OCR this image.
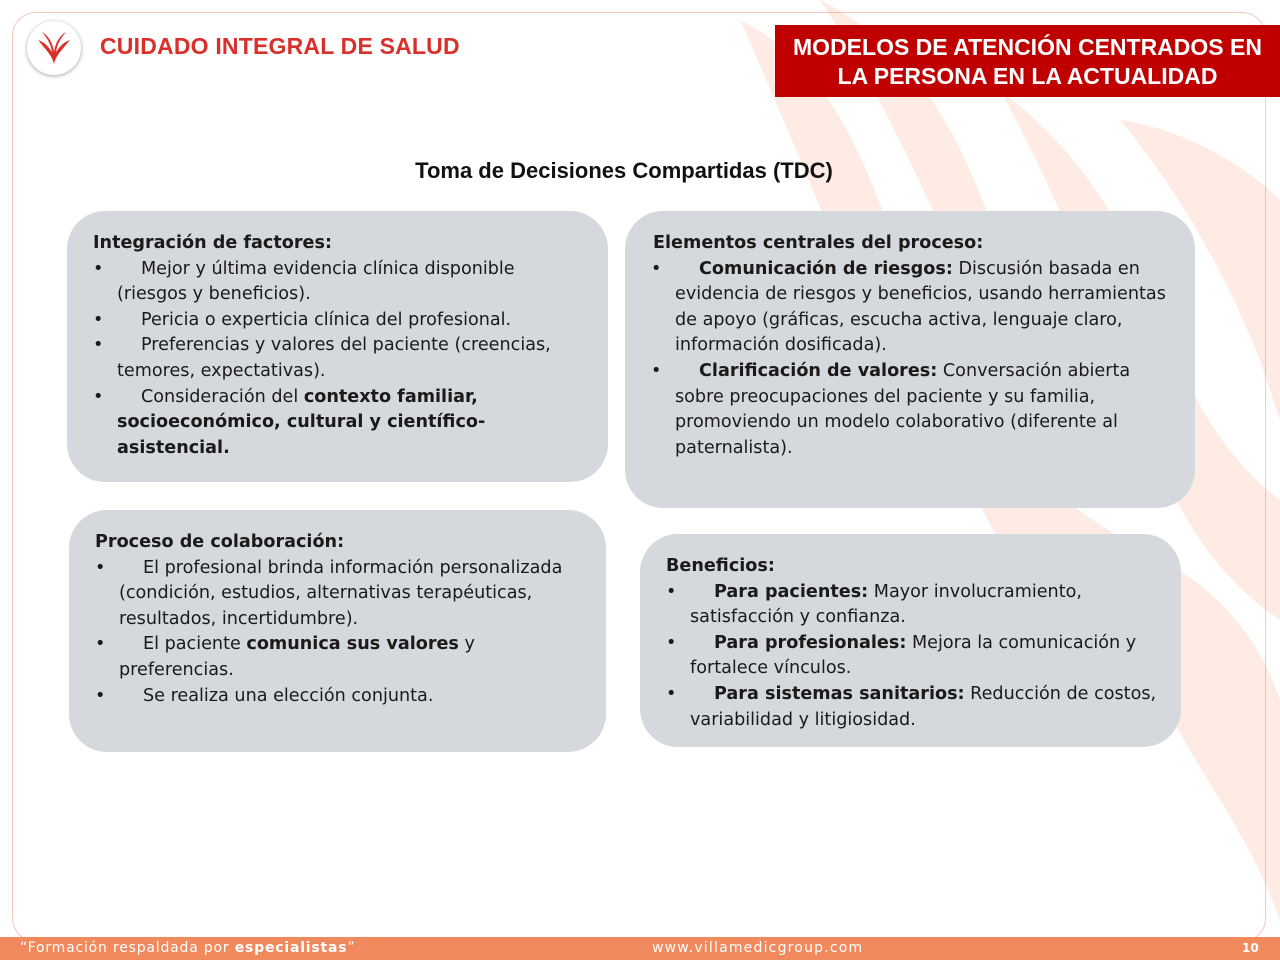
CUIDADO INTEGRAL DE SALUD	MODELOS DE ATENCIÓN CENTRADOS EN
LA PERSONA EN LA ACTUALIDAD
Toma de Decisiones Compartidas (TDC)
Integración de factores:
• Mejor y última evidencia clínica disponible (riesgos y beneficios).
• Pericia o experticia clínica del profesional.
• Preferencias y valores del paciente (creencias, temores, expectativas).
• Consideración del contexto familiar, socioeconómico, cultural y científico-asistencial.
Elementos centrales del proceso:
• Comunicación de riesgos: Discusión basada en evidencia de riesgos y beneficios, usando herramientas de apoyo (gráficas, escucha activa, lenguaje claro, información dosificada).
• Clarificación de valores: Conversación abierta sobre preocupaciones del paciente y su familia, promoviendo un modelo colaborativo (diferente al paternalista).
Proceso de colaboración:
• El profesional brinda información personalizada (condición, estudios, alternativas terapéuticas, resultados, incertidumbre).
• El paciente comunica sus valores y preferencias.
• Se realiza una elección conjunta.
Beneficios:
• Para pacientes: Mayor involucramiento, satisfacción y confianza.
• Para profesionales: Mejora la comunicación y fortalece vínculos.
• Para sistemas sanitarios: Reducción de costos, variabilidad y litigiosidad.
“Formación respaldada por especialistas”	www.villamedicgroup.com	10
